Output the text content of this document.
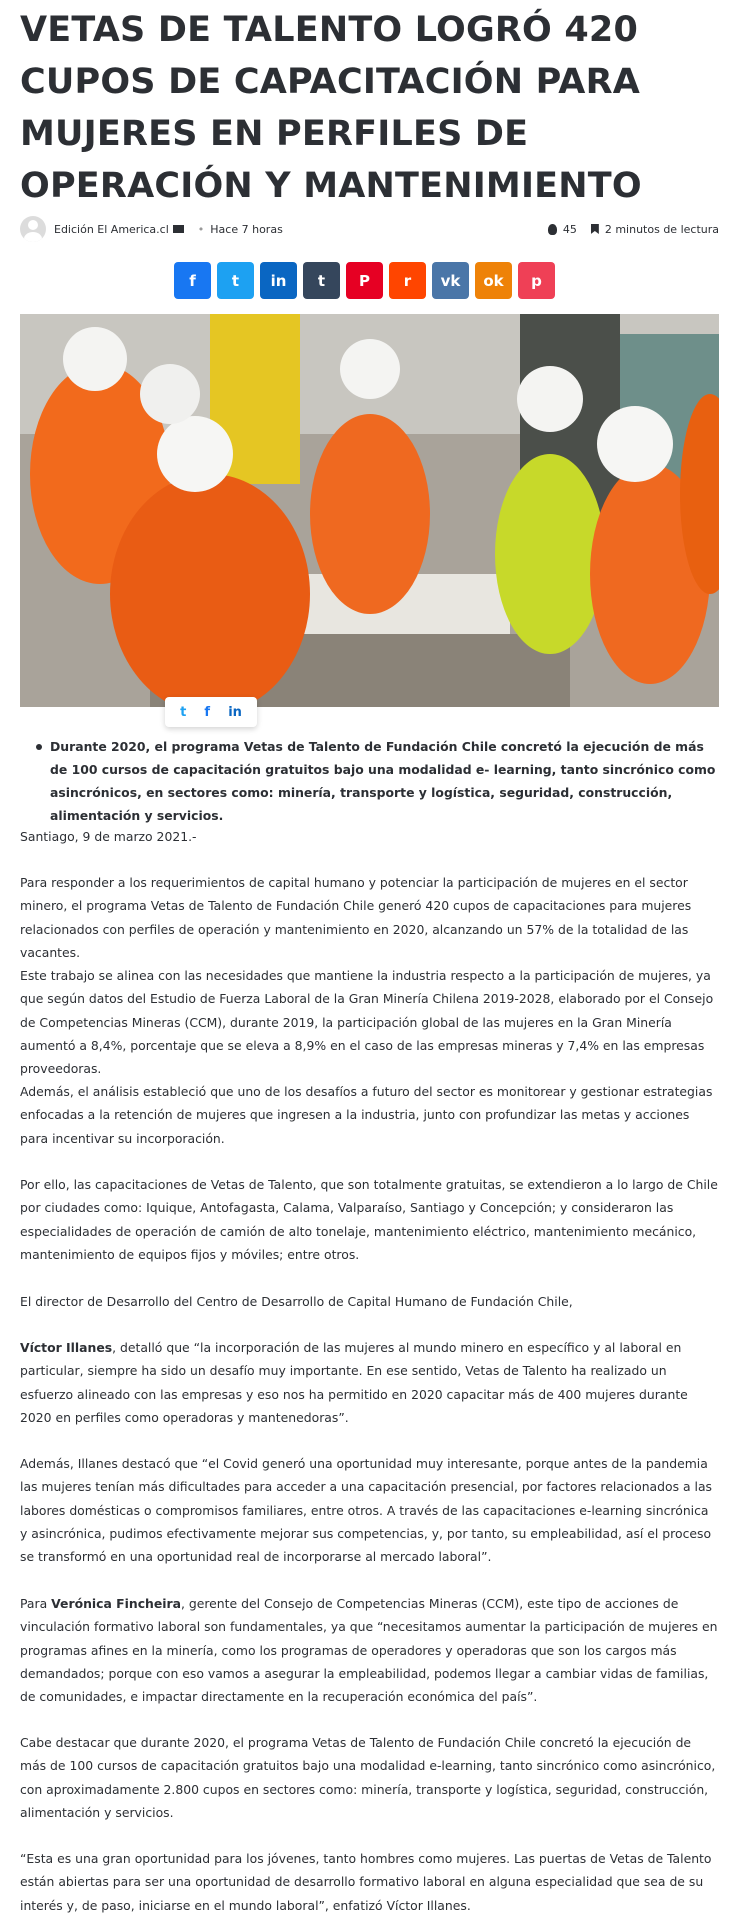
VETAS DE TALENTO LOGRÓ 420 CUPOS DE CAPACITACIÓN PARA MUJERES EN PERFILES DE OPERACIÓN Y MANTENIMIENTO
Edición El America.cl	• Hace 7 horas	45	2 minutos de lectura
f t in t P r vk ok p
t f in
Durante 2020, el programa Vetas de Talento de Fundación Chile concretó la ejecución de más de 100 cursos de capacitación gratuitos bajo una modalidad e- learning, tanto sincrónico como asincrónicos, en sectores como: minería, transporte y logística, seguridad, construcción, alimentación y servicios.
Santiago, 9 de marzo 2021.-
Para responder a los requerimientos de capital humano y potenciar la participación de mujeres en el sector minero, el programa Vetas de Talento de Fundación Chile generó 420 cupos de capacitaciones para mujeres relacionados con perfiles de operación y mantenimiento en 2020, alcanzando un 57% de la totalidad de las vacantes.
Este trabajo se alinea con las necesidades que mantiene la industria respecto a la participación de mujeres, ya que según datos del Estudio de Fuerza Laboral de la Gran Minería Chilena 2019-2028, elaborado por el Consejo de Competencias Mineras (CCM), durante 2019, la participación global de las mujeres en la Gran Minería aumentó a 8,4%, porcentaje que se eleva a 8,9% en el caso de las empresas mineras y 7,4% en las empresas proveedoras.
Además, el análisis estableció que uno de los desafíos a futuro del sector es monitorear y gestionar estrategias enfocadas a la retención de mujeres que ingresen a la industria, junto con profundizar las metas y acciones para incentivar su incorporación.
Por ello, las capacitaciones de Vetas de Talento, que son totalmente gratuitas, se extendieron a lo largo de Chile por ciudades como: Iquique, Antofagasta, Calama, Valparaíso, Santiago y Concepción; y consideraron las especialidades de operación de camión de alto tonelaje, mantenimiento eléctrico, mantenimiento mecánico, mantenimiento de equipos fijos y móviles; entre otros.
El director de Desarrollo del Centro de Desarrollo de Capital Humano de Fundación Chile,
Víctor Illanes, detalló que “la incorporación de las mujeres al mundo minero en específico y al laboral en particular, siempre ha sido un desafío muy importante. En ese sentido, Vetas de Talento ha realizado un esfuerzo alineado con las empresas y eso nos ha permitido en 2020 capacitar más de 400 mujeres durante 2020 en perfiles como operadoras y mantenedoras”.
Además, Illanes destacó que “el Covid generó una oportunidad muy interesante, porque antes de la pandemia las mujeres tenían más dificultades para acceder a una capacitación presencial, por factores relacionados a las labores domésticas o compromisos familiares, entre otros. A través de las capacitaciones e-learning sincrónica y asincrónica, pudimos efectivamente mejorar sus competencias, y, por tanto, su empleabilidad, así el proceso se transformó en una oportunidad real de incorporarse al mercado laboral”.
Para Verónica Fincheira, gerente del Consejo de Competencias Mineras (CCM), este tipo de acciones de vinculación formativo laboral son fundamentales, ya que “necesitamos aumentar la participación de mujeres en programas afines en la minería, como los programas de operadores y operadoras que son los cargos más demandados; porque con eso vamos a asegurar la empleabilidad, podemos llegar a cambiar vidas de familias, de comunidades, e impactar directamente en la recuperación económica del país”.
Cabe destacar que durante 2020, el programa Vetas de Talento de Fundación Chile concretó la ejecución de más de 100 cursos de capacitación gratuitos bajo una modalidad e-learning, tanto sincrónico como asincrónico, con aproximadamente 2.800 cupos en sectores como: minería, transporte y logística, seguridad, construcción, alimentación y servicios.
“Esta es una gran oportunidad para los jóvenes, tanto hombres como mujeres. Las puertas de Vetas de Talento están abiertas para ser una oportunidad de desarrollo formativo laboral en alguna especialidad que sea de su interés y, de paso, iniciarse en el mundo laboral”, enfatizó Víctor Illanes.
